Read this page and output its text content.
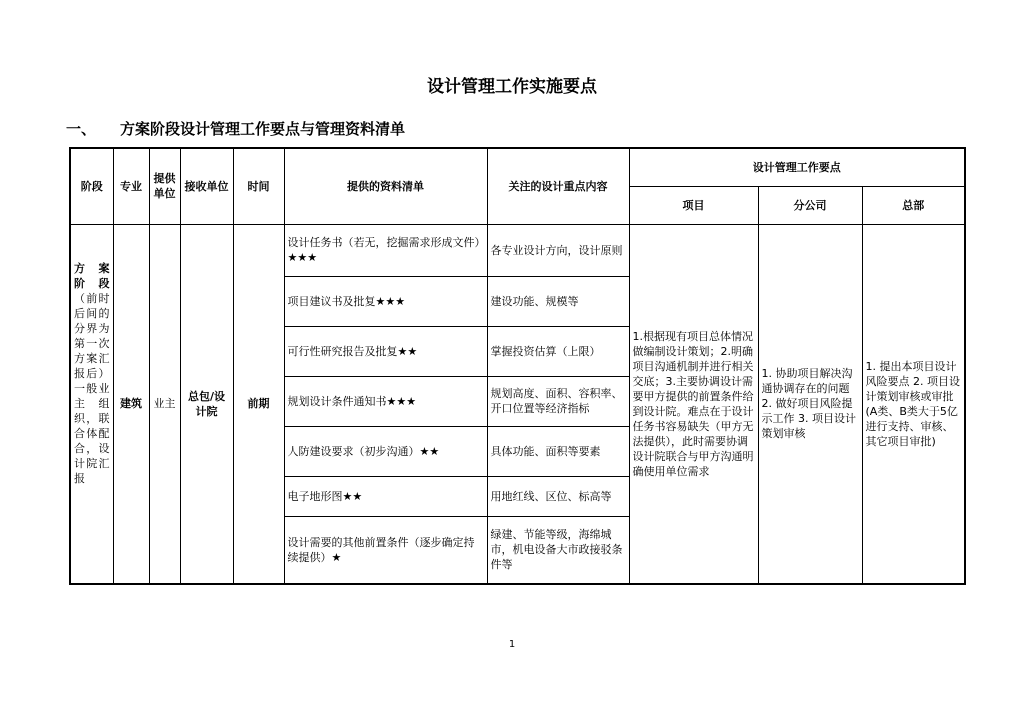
设计管理工作实施要点
一、 方案阶段设计管理工作要点与管理资料清单
阶段	专业	提供单位	接收单位	时间	提供的资料清单	关注的设计重点内容	设计管理工作要点		
							项目	分公司	总部
方 案 阶 段（前时后间的分界为第一次方案汇报后）一般业主组织，联合体配合，设计院汇报	建筑	业主	总包/设计院	前期	设计任务书（若无，挖掘需求形成文件）★★★	各专业设计方向，设计原则	1.根据现有项目总体情况做编制设计策划；2.明确项目沟通机制并进行相关交底；3.主要协调设计需要甲方提供的前置条件给到设计院。难点在于设计任务书容易缺失（甲方无法提供），此时需要协调设计院联合与甲方沟通明确使用单位需求	1. 协助项目解决沟通协调存在的问题 2. 做好项目风险提示工作 3. 项目设计策划审核	1. 提出本项目设计风险要点 2. 项目设计策划审核或审批(A类、B类大于5亿进行支持、审核、其它项目审批)
					项目建议书及批复★★★	建设功能、规模等			
					可行性研究报告及批复★★	掌握投资估算（上限）			
					规划设计条件通知书★★★	规划高度、面积、容积率、开口位置等经济指标			
					人防建设要求（初步沟通）★★	具体功能、面积等要素			
					电子地形图★★	用地红线、区位、标高等			
					设计需要的其他前置条件（逐步确定持续提供）★	绿建、节能等级，海绵城市，机电设备大市政接驳条件等			
1
